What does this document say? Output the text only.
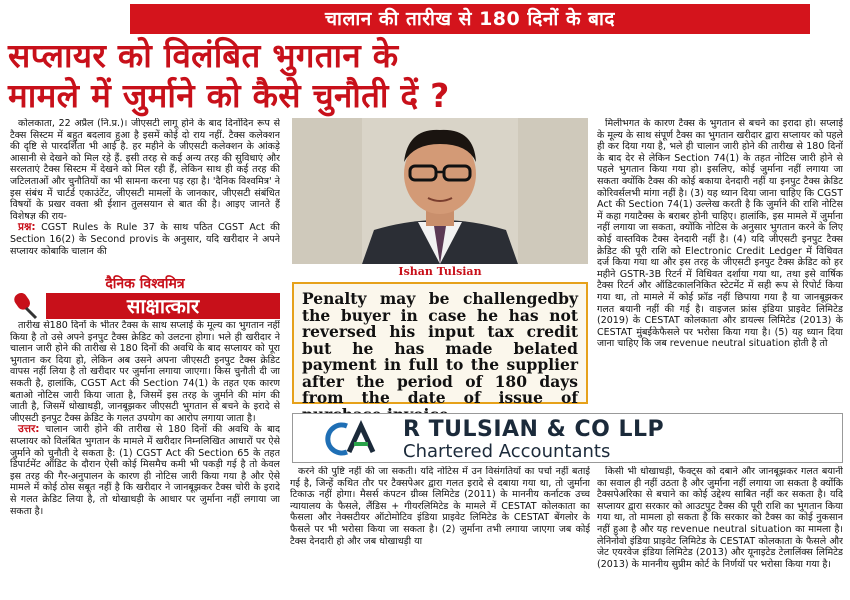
चालान की तारीख से 180 दिनों के बाद
सप्लायर को विलंबित भुगतान के
मामले में जुर्माने को कैसे चुनौती दें ?

कोलकाता, 22 अप्रैल (नि.प्र.)। जीएसटी लागू होने के बाद दिनोंदिन रूप से टैक्स सिस्टम में बहुत बदलाव हुआ है इसमें कोई दो राय नहीं. टैक्स कलेक्शन की दृष्टि से पारदर्शिता भी आई है. हर महीने के जीएसटी कलेक्शन के आंकड़े आसानी से देखने को मिल रहे हैं. इसी तरह से कई अन्य तरह की सुविधाएं और सरलताएं टैक्स सिस्टम में देखने को मिल रही हैं, लेकिन साथ ही कई तरह की जटिलताओं और चुनौतियों का भी सामना करना पड़ रहा है। 'दैनिक विश्वमित्र' ने इस संबंध में चार्टर्ड एकाउंटेंट, जीएसटी मामलों के जानकार, जीएसटी संबंधित विषयों के प्रखर वक्ता श्री ईशान तुलसयान से बात की है। आइए जानते हैं विशेषज्ञ की राय-

प्रश्न: CGST Rules के Rule 37 के साथ पठित CGST Act की Section 16(2) के Second provis के अनुसार, यदि खरीदार ने अपने सप्लायर कोबाकि चालान की

दैनिक विश्वमित्र
साक्षात्कार

तारीख से180 दिनों के भीतर टैक्स के साथ सप्लाई के मूल्य का भुगतान नहीं किया है तो उसे अपने इनपुट टैक्स क्रेडिट को उलटना होगा। भले ही खरीदार ने चालान जारी होने की तारीख से 180 दिनों की अवधि के बाद सप्लायर को पूरा भुगतान कर दिया हो, लेकिन अब उसने अपना जीएसटी इनपुट टैक्स क्रेडिट वापस नहीं लिया है तो खरीदार पर जुर्माना लगाया जाएगा। किस चुनौती दी जा सकती है, हालांकि, CGST Act की Section 74(1) के तहत एक कारण बताओ नोटिस जारी किया जाता है, जिसमें इस तरह के जुर्माने की मांग की जाती है, जिसमें धोखाधड़ी, जानबूझकर जीएसटी भुगतान से बचने के इरादे से जीएसटी इनपुट टैक्स क्रेडिट के गलत उपयोग का आरोप लगाया जाता है।

उत्तर: चालान जारी होने की तारीख से 180 दिनों की अवधि के बाद सप्लायर को विलंबित भुगतान के मामले में खरीदार निम्नलिखित आधारों पर ऐसे जुर्माने को चुनौती दे सकता है: (1) CGST Act की Section 65 के तहत डिपार्टमेंट ऑडिट के दौरान ऐसी कोई मिसमैच कमी भी पकड़ी गई है तो केवल इस तरह की गैर-अनुपालन के कारण ही नोटिस जारी किया गया है और ऐसे मामले में कोई ठोस सबूत नहीं है कि खरीदार ने जानबूझकर टैक्स चोरी के इरादे से गलत क्रेडिट लिया है, तो धोखाधड़ी के आधार पर जुर्माना नहीं लगाया जा सकता है।

Ishan Tulsian
Penalty may be challengedby the buyer in case he has not reversed his input tax credit but he has made belated payment in full to the supplier after the period of 180 days from the date of issue of

मिलीभगत के कारण टैक्स के भुगतान से बचने का इरादा हो। सप्लाई के मूल्य के साथ संपूर्ण टैक्स का भुगतान खरीदार द्वारा सप्लायर को पहले ही कर दिया गया है, भले ही चालान जारी होने की तारीख से 180 दिनों के बाद देर से लेकिन Section 74(1) के तहत नोटिस जारी होने से पहले भुगतान किया गया हो। इसलिए, कोई जुर्माना नहीं लगाया जा सकता क्योंकि टैक्स की कोई बकाया देनदारी नहीं या इनपुट टैक्स क्रेडिट कोरिवर्सलभी मांगा नहीं है। (3) यह ध्यान दिया जाना चाहिए कि CGST Act की Section 74(1) उल्लेख करती है कि जुर्माने की राशि नोटिस में कहा गयाटैक्स के बराबर होनी चाहिए। हालांकि, इस मामले में जुर्माना नहीं लगाया जा सकता, क्योंकि नोटिस के अनुसार भुगतान करने के लिए कोई वास्तविक टैक्स देनदारी नहीं है। (4) यदि जीएसटी इनपुट टैक्स क्रेडिट की पूरी राशि को Electronic Credit Ledger में विधिवत दर्ज किया गया था और इस तरह के जीएसटी इनपुट टैक्स क्रेडिट को हर महीने GSTR-3B रिटर्न में विधिवत दर्शाया गया था, तथा इसे वार्षिक टैक्स रिटर्न और ऑडिटकालनिकित स्टेटमेंट में सही रूप से रिपोर्ट किया गया था, तो मामले में कोई फ्रॉड नहीं छिपाया गया है या जानबूझकर गलत बयानी नहीं की गई है। वाइजल फ्रांस इंडिया प्राइवेट लिमिटेड (2019) के CESTAT कोलकाता और डायल्स लिमिटेड (2013) के CESTAT मुंबईकेफैसले पर भरोसा किया गया है। (5) यह ध्यान दिया जाना चाहिए कि जब revenue neutral situation होती है तो

R TULSIAN & CO LLP
Chartered Accountants

करने की पुष्टि नहीं की जा सकती। यदि नोटिस में उन विसंगतियों का पर्चा नहीं बताई गई है, जिन्हें कथित तौर पर टैक्सपेअर द्वारा गलत इरादे से दबाया गया था, तो जुर्माना टिकाऊ नहीं होगा। मैसर्स कंपटन ग्रीव्स लिमिटेड (2011) के माननीय कर्नाटक उच्च न्यायालय के फैसले, लैंडिस + गीयरलिमिटेड के मामले में CESTAT कोलकाता का फैसला और नेक्सटीयर ऑटोमोटिव इंडिया प्राइवेट लिमिटेड के CESTAT बेंगलोर के फैसले पर भी भरोसा किया जा सकता है। (2) जुर्माना तभी लगाया जाएगा जब कोई टैक्स देनदारी हो और जब धोखाधड़ी या

किसी भी धोखाधड़ी, फैक्ट्स को दबाने और जानबूझकर गलत बयानी का सवाल ही नहीं उठता है और जुर्माना नहीं लगाया जा सकता है क्योंकि टैक्सपेअरिका से बचाने का कोई उद्देश्य साबित नहीं कर सकता है। यदि सप्लायर द्वारा सरकार को आउटपुट टैक्स की पूरी राशि का भुगतान किया गया था, तो मामला हो सकता है कि सरकार को टैक्स का कोई नुकसान नहीं हुआ है और यह revenue neutral situation का मामला है। लेनिनोवो इंडिया प्राइवेट लिमिटेड के CESTAT कोलकाता के फैसले और जेट एयरवेज इंडिया लिमिटेड (2013) और यूनाइटेड टेलालिंक्स लिमिटेड (2013) के माननीय सुप्रीम कोर्ट के निर्णयों पर भरोसा किया गया है।
